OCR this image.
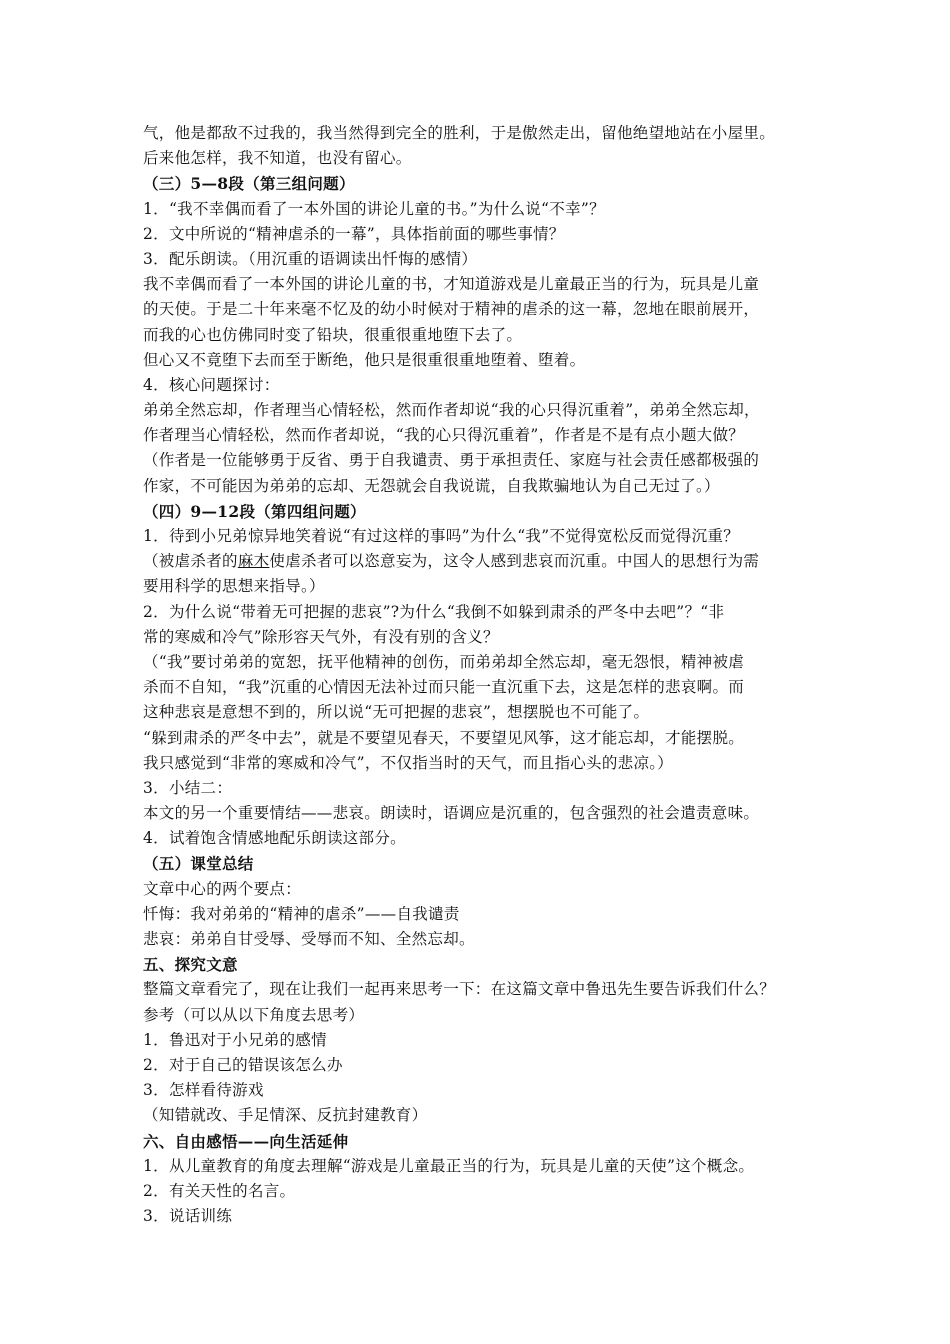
气，他是都敌不过我的，我当然得到完全的胜利，于是傲然走出，留他绝望地站在小屋里。
后来他怎样，我不知道，也没有留心。
（三）5—8段（第三组问题）
1．“我不幸偶而看了一本外国的讲论儿童的书。”为什么说“不幸”？
2．文中所说的“精神虐杀的一幕”，具体指前面的哪些事情？
3．配乐朗读。（用沉重的语调读出忏悔的感情）
我不幸偶而看了一本外国的讲论儿童的书，才知道游戏是儿童最正当的行为，玩具是儿童
的天使。于是二十年来毫不忆及的幼小时候对于精神的虐杀的这一幕，忽地在眼前展开，
而我的心也仿佛同时变了铅块，很重很重地堕下去了。
但心又不竟堕下去而至于断绝，他只是很重很重地堕着、堕着。
4．核心问题探讨：
弟弟全然忘却，作者理当心情轻松，然而作者却说“我的心只得沉重着”，弟弟全然忘却，
作者理当心情轻松，然而作者却说，“我的心只得沉重着”，作者是不是有点小题大做？
（作者是一位能够勇于反省、勇于自我谴责、勇于承担责任、家庭与社会责任感都极强的
作家，不可能因为弟弟的忘却、无怨就会自我说谎，自我欺骗地认为自己无过了。）
（四）9—12段（第四组问题）
1．待到小兄弟惊异地笑着说“有过这样的事吗”为什么“我”不觉得宽松反而觉得沉重？
（被虐杀者的麻木使虐杀者可以恣意妄为，这令人感到悲哀而沉重。中国人的思想行为需
要用科学的思想来指导。）
2．为什么说“带着无可把握的悲哀”?为什么“我倒不如躲到肃杀的严冬中去吧”？“非
常的寒威和冷气”除形容天气外，有没有别的含义？
（“我”要讨弟弟的宽恕，抚平他精神的创伤，而弟弟却全然忘却，毫无怨恨，精神被虐
杀而不自知，“我”沉重的心情因无法补过而只能一直沉重下去，这是怎样的悲哀啊。而
这种悲哀是意想不到的，所以说“无可把握的悲哀”，想摆脱也不可能了。
“躲到肃杀的严冬中去”，就是不要望见春天，不要望见风筝，这才能忘却，才能摆脱。
我只感觉到“非常的寒威和冷气”，不仅指当时的天气，而且指心头的悲凉。）
3．小结二：
本文的另一个重要情结——悲哀。朗读时，语调应是沉重的，包含强烈的社会遣责意味。
4．试着饱含情感地配乐朗读这部分。
（五）课堂总结
文章中心的两个要点：
忏悔：我对弟弟的“精神的虐杀”——自我谴责
悲哀：弟弟自甘受辱、受辱而不知、全然忘却。
五、探究文意
整篇文章看完了，现在让我们一起再来思考一下：在这篇文章中鲁迅先生要告诉我们什么？
参考（可以从以下角度去思考）
1．鲁迅对于小兄弟的感情
2．对于自己的错误该怎么办
3．怎样看待游戏
（知错就改、手足情深、反抗封建教育）
六、自由感悟——向生活延伸
1．从儿童教育的角度去理解“游戏是儿童最正当的行为，玩具是儿童的天使”这个概念。
2．有关天性的名言。
3．说话训练
